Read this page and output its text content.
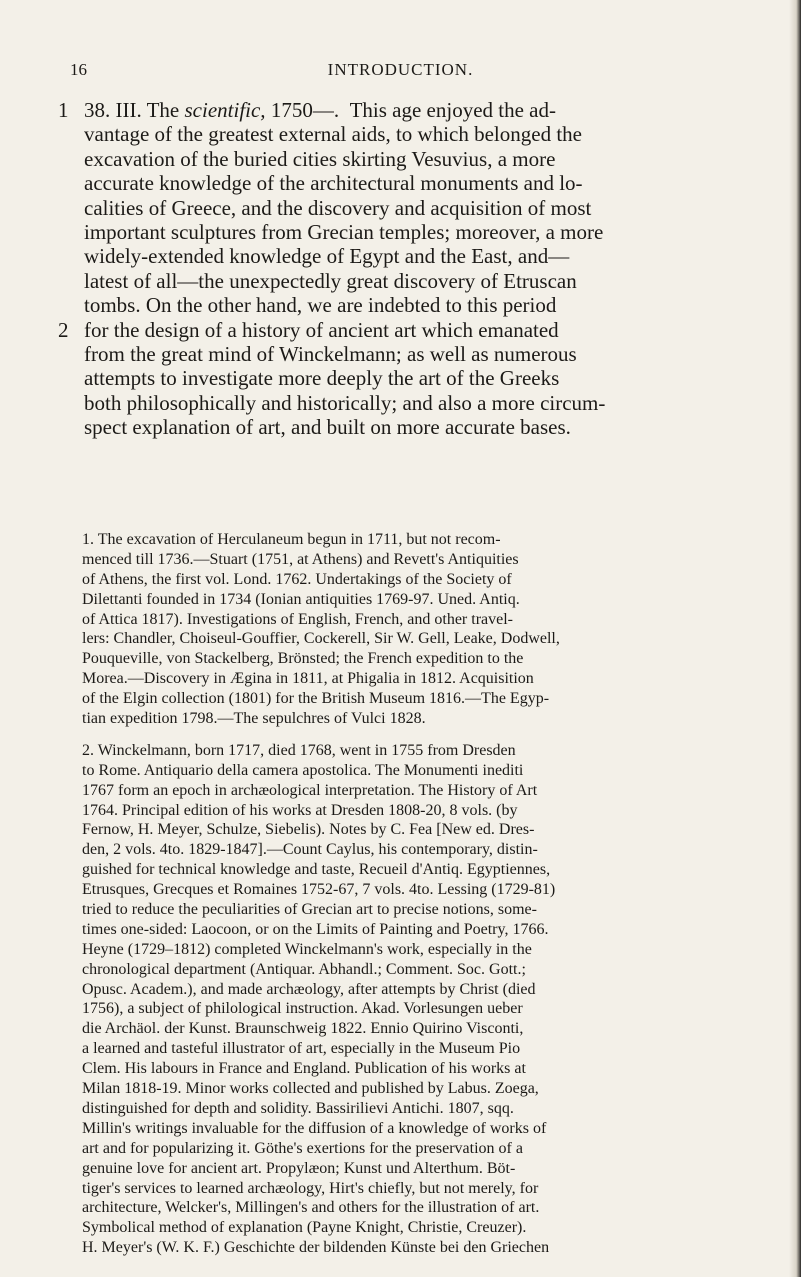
16	INTRODUCTION.
1
2
38. III. The scientific, 1750—. This age enjoyed the ad-
vantage of the greatest external aids, to which belonged the
excavation of the buried cities skirting Vesuvius, a more
accurate knowledge of the architectural monuments and lo-
calities of Greece, and the discovery and acquisition of most
important sculptures from Grecian temples; moreover, a more
widely-extended knowledge of Egypt and the East, and—
latest of all—the unexpectedly great discovery of Etruscan
tombs. On the other hand, we are indebted to this period
for the design of a history of ancient art which emanated
from the great mind of Winckelmann; as well as numerous
attempts to investigate more deeply the art of the Greeks
both philosophically and historically; and also a more circum-
spect explanation of art, and built on more accurate bases.
1. The excavation of Herculaneum begun in 1711, but not recom-
menced till 1736.—Stuart (1751, at Athens) and Revett's Antiquities
of Athens, the first vol. Lond. 1762. Undertakings of the Society of
Dilettanti founded in 1734 (Ionian antiquities 1769-97. Uned. Antiq.
of Attica 1817). Investigations of English, French, and other travel-
lers: Chandler, Choiseul-Gouffier, Cockerell, Sir W. Gell, Leake, Dodwell,
Pouqueville, von Stackelberg, Brönsted; the French expedition to the
Morea.—Discovery in Ægina in 1811, at Phigalia in 1812. Acquisition
of the Elgin collection (1801) for the British Museum 1816.—The Egyp-
tian expedition 1798.—The sepulchres of Vulci 1828.
2. Winckelmann, born 1717, died 1768, went in 1755 from Dresden
to Rome. Antiquario della camera apostolica. The Monumenti inediti
1767 form an epoch in archæological interpretation. The History of Art
1764. Principal edition of his works at Dresden 1808-20, 8 vols. (by
Fernow, H. Meyer, Schulze, Siebelis). Notes by C. Fea [New ed. Dres-
den, 2 vols. 4to. 1829-1847].—Count Caylus, his contemporary, distin-
guished for technical knowledge and taste, Recueil d'Antiq. Egyptiennes,
Etrusques, Grecques et Romaines 1752-67, 7 vols. 4to. Lessing (1729-81)
tried to reduce the peculiarities of Grecian art to precise notions, some-
times one-sided: Laocoon, or on the Limits of Painting and Poetry, 1766.
Heyne (1729–1812) completed Winckelmann's work, especially in the
chronological department (Antiquar. Abhandl.; Comment. Soc. Gott.;
Opusc. Academ.), and made archæology, after attempts by Christ (died
1756), a subject of philological instruction. Akad. Vorlesungen ueber
die Archäol. der Kunst. Braunschweig 1822. Ennio Quirino Visconti,
a learned and tasteful illustrator of art, especially in the Museum Pio
Clem. His labours in France and England. Publication of his works at
Milan 1818-19. Minor works collected and published by Labus. Zoega,
distinguished for depth and solidity. Bassirilievi Antichi. 1807, sqq.
Millin's writings invaluable for the diffusion of a knowledge of works of
art and for popularizing it. Göthe's exertions for the preservation of a
genuine love for ancient art. Propylæon; Kunst und Alterthum. Böt-
tiger's services to learned archæology, Hirt's chiefly, but not merely, for
architecture, Welcker's, Millingen's and others for the illustration of art.
Symbolical method of explanation (Payne Knight, Christie, Creuzer).
H. Meyer's (W. K. F.) Geschichte der bildenden Künste bei den Griechen
